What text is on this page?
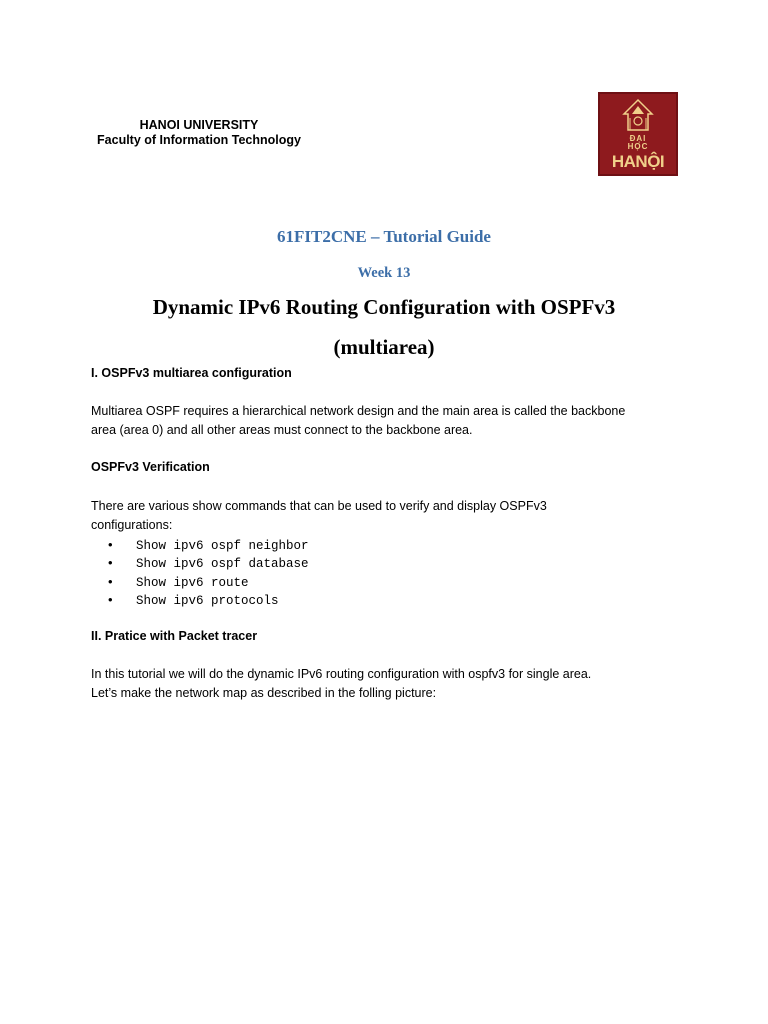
HANOI UNIVERSITY
Faculty of Information Technology	ĐẠI
HỌC
HANỘI
61FIT2CNE – Tutorial Guide
Week 13
Dynamic IPv6 Routing Configuration with OSPFv3
(multiarea)
I. OSPFv3 multiarea configuration
Multiarea OSPF requires a hierarchical network design and the main area is called the backbone
area (area 0) and all other areas must connect to the backbone area.
OSPFv3 Verification
There are various show commands that can be used to verify and display OSPFv3
configurations:
• Show ipv6 ospf neighbor
• Show ipv6 ospf database
• Show ipv6 route
• Show ipv6 protocols
II. Pratice with Packet tracer
In this tutorial we will do the dynamic IPv6 routing configuration with ospfv3 for single area.
Let’s make the network map as described in the folling picture:
